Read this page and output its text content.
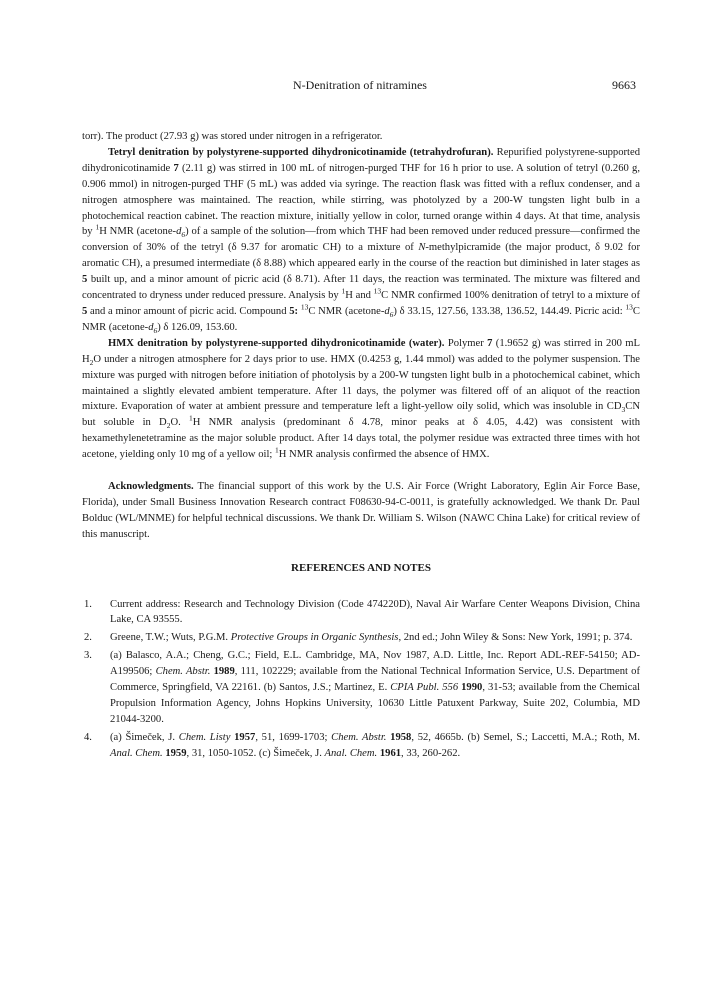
N-Denitration of nitramines	9663

torr). The product (27.93 g) was stored under nitrogen in a refrigerator.

Tetryl denitration by polystyrene-supported dihydronicotinamide (tetrahydrofuran). Repurified polystyrene-supported dihydronicotinamide 7 (2.11 g) was stirred in 100 mL of nitrogen-purged THF for 16 h prior to use. A solution of tetryl (0.260 g, 0.906 mmol) in nitrogen-purged THF (5 mL) was added via syringe. The reaction flask was fitted with a reflux condenser, and a nitrogen atmosphere was maintained. The reaction, while stirring, was photolyzed by a 200-W tungsten light bulb in a photochemical reaction cabinet. The reaction mixture, initially yellow in color, turned orange within 4 days. At that time, analysis by $^1$H NMR $(acetone-d_6)$ of a sample of the solution—from which THF had been removed under reduced pressure—confirmed the conversion of 30% of the tetryl (δ 9.37 for aromatic CH) to a mixture of N-methylpicramide (the major product, δ 9.02 for aromatic CH), a presumed intermediate (δ 8.88) which appeared early in the course of the reaction but diminished in later stages as 5 built up, and a minor amount of picric acid (δ 8.71). After 11 days, the reaction was terminated. The mixture was filtered and concentrated to dryness under reduced pressure. Analysis by $^1$H and $^{13}$C NMR confirmed 100% denitration of tetryl to a mixture of 5 and a minor amount of picric acid. Compound 5: $^{13}$C NMR $(acetone-d_6)$ δ 33.15, 127.56, 133.38, 136.52, 144.49. Picric acid: $^{13}$C NMR $(acetone-d_6)$ δ 126.09, 153.60.

HMX denitration by polystyrene-supported dihydronicotinamide (water). Polymer 7 (1.9652 g) was stirred in 200 mL $H_2O$ under a nitrogen atmosphere for 2 days prior to use. HMX (0.4253 g, 1.44 mmol) was added to the polymer suspension. The mixture was purged with nitrogen before initiation of photolysis by a 200-W tungsten light bulb in a photochemical cabinet, which maintained a slightly elevated ambient temperature. After 11 days, the polymer was filtered off of an aliquot of the reaction mixture. Evaporation of water at ambient pressure and temperature left a light-yellow oily solid, which was insoluble in $CD_3CN$ but soluble in $D_2O$. $^1$H NMR analysis (predominant δ 4.78, minor peaks at δ 4.05, 4.42) was consistent with hexamethylenetetramine as the major soluble product. After 14 days total, the polymer residue was extracted three times with hot acetone, yielding only 10 mg of a yellow oil; $^1$H NMR analysis confirmed the absence of HMX.

Acknowledgments. The financial support of this work by the U.S. Air Force (Wright Laboratory, Eglin Air Force Base, Florida), under Small Business Innovation Research contract F08630-94-C-0011, is gratefully acknowledged. We thank Dr. Paul Bolduc (WL/MNME) for helpful technical discussions. We thank Dr. William S. Wilson (NAWC China Lake) for critical review of this manuscript.

REFERENCES AND NOTES

1. Current address: Research and Technology Division (Code 474220D), Naval Air Warfare Center Weapons Division, China Lake, CA 93555.
2. Greene, T.W.; Wuts, P.G.M. Protective Groups in Organic Synthesis, 2nd ed.; John Wiley & Sons: New York, 1991; p. 374.
3. (a) Balasco, A.A.; Cheng, G.C.; Field, E.L. Cambridge, MA, Nov 1987, A.D. Little, Inc. Report ADL-REF-54150; AD-A199506; Chem. Abstr. 1989, 111, 102229; available from the National Technical Information Service, U.S. Department of Commerce, Springfield, VA 22161. (b) Santos, J.S.; Martinez, E. CPIA Publ. 556 1990, 31-53; available from the Chemical Propulsion Information Agency, Johns Hopkins University, 10630 Little Patuxent Parkway, Suite 202, Columbia, MD 21044-3200.
4. (a) Šimeček, J. Chem. Listy 1957, 51, 1699-1703; Chem. Abstr. 1958, 52, 4665b. (b) Semel, S.; Laccetti, M.A.; Roth, M. Anal. Chem. 1959, 31, 1050-1052. (c) Šimeček, J. Anal. Chem. 1961, 33, 260-262.
